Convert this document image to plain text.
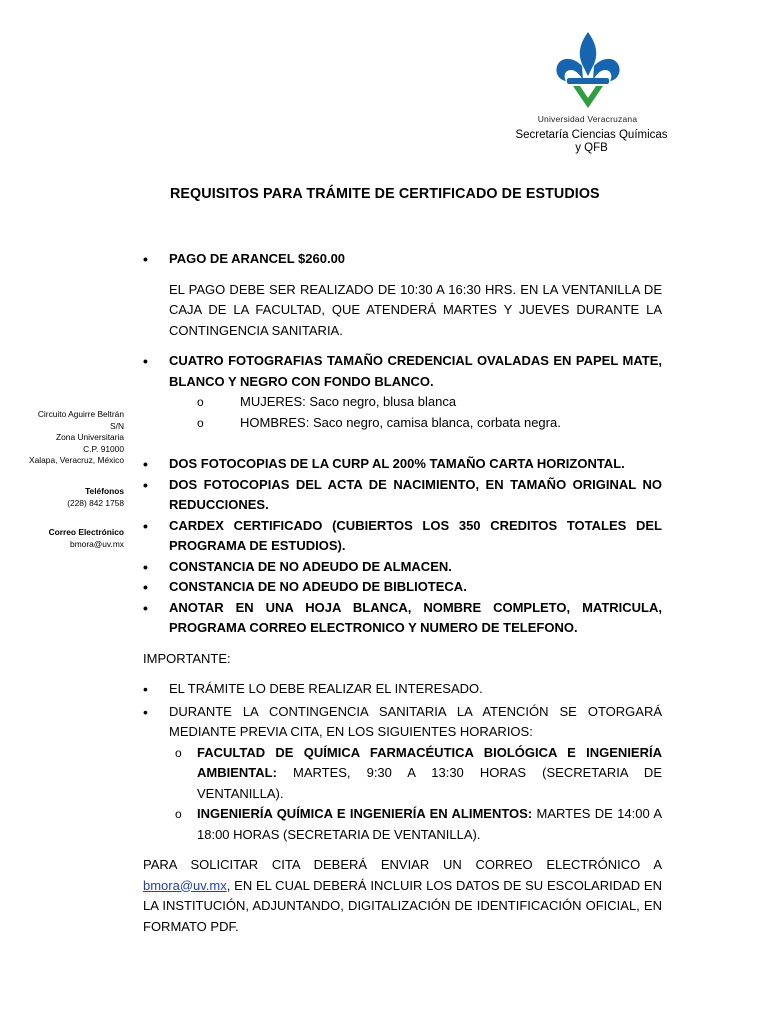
Universidad Veracruzana
Secretaría Ciencias Químicas
y QFB
Circuito Aguirre Beltrán
S/N
Zona Universitaria
C.P. 91000
Xalapa, Veracruz, México
Teléfonos
(228) 842 1758
Correo Electrónico
bmora@uv.mx
REQUISITOS PARA TRÁMITE DE CERTIFICADO DE ESTUDIOS
• PAGO DE ARANCEL $260.00
EL PAGO DEBE SER REALIZADO DE 10:30 A 16:30 HRS. EN LA VENTANILLA DE CAJA DE LA FACULTAD, QUE ATENDERÁ MARTES Y JUEVES DURANTE LA CONTINGENCIA SANITARIA.
• CUATRO FOTOGRAFIAS TAMAÑO CREDENCIAL OVALADAS EN PAPEL MATE, BLANCO Y NEGRO CON FONDO BLANCO.
o MUJERES: Saco negro, blusa blanca
o HOMBRES: Saco negro, camisa blanca, corbata negra.
• DOS FOTOCOPIAS DE LA CURP AL 200% TAMAÑO CARTA HORIZONTAL.
• DOS FOTOCOPIAS DEL ACTA DE NACIMIENTO, EN TAMAÑO ORIGINAL NO REDUCCIONES.
• CARDEX CERTIFICADO (CUBIERTOS LOS 350 CREDITOS TOTALES DEL PROGRAMA DE ESTUDIOS).
• CONSTANCIA DE NO ADEUDO DE ALMACEN.
• CONSTANCIA DE NO ADEUDO DE BIBLIOTECA.
• ANOTAR EN UNA HOJA BLANCA, NOMBRE COMPLETO, MATRICULA, PROGRAMA CORREO ELECTRONICO Y NUMERO DE TELEFONO.
IMPORTANTE:
• EL TRÁMITE LO DEBE REALIZAR EL INTERESADO.
• DURANTE LA CONTINGENCIA SANITARIA LA ATENCIÓN SE OTORGARÁ MEDIANTE PREVIA CITA, EN LOS SIGUIENTES HORARIOS:
o FACULTAD DE QUÍMICA FARMACÉUTICA BIOLÓGICA E INGENIERÍA AMBIENTAL: MARTES, 9:30 A 13:30 HORAS (SECRETARIA DE VENTANILLA).
o INGENIERÍA QUÍMICA E INGENIERÍA EN ALIMENTOS: MARTES DE 14:00 A 18:00 HORAS (SECRETARIA DE VENTANILLA).
PARA SOLICITAR CITA DEBERÁ ENVIAR UN CORREO ELECTRÓNICO A bmora@uv.mx, EN EL CUAL DEBERÁ INCLUIR LOS DATOS DE SU ESCOLARIDAD EN LA INSTITUCIÓN, ADJUNTANDO, DIGITALIZACIÓN DE IDENTIFICACIÓN OFICIAL, EN FORMATO PDF.
